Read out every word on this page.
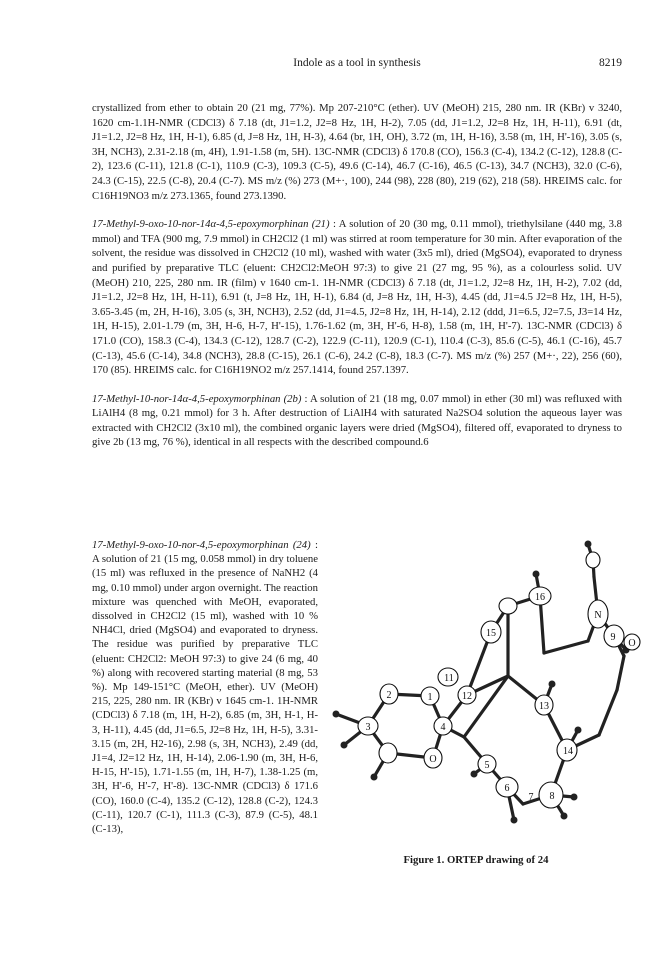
Indole as a tool in synthesis	8219

crystallized from ether to obtain 20 (21 mg, 77%). Mp 207-210°C (ether). UV (MeOH) 215, 280 nm. IR (KBr) v 3240, 1620 cm-1.1H-NMR (CDCl3) δ 7.18 (dt, J1=1.2, J2=8 Hz, 1H, H-2), 7.05 (dd, J1=1.2, J2=8 Hz, 1H, H-11), 6.91 (dt, J1=1.2, J2=8 Hz, 1H, H-1), 6.85 (d, J=8 Hz, 1H, H-3), 4.64 (br, 1H, OH), 3.72 (m, 1H, H-16), 3.58 (m, 1H, H'-16), 3.05 (s, 3H, NCH3), 2.31-2.18 (m, 4H), 1.91-1.58 (m, 5H). 13C-NMR (CDCl3) δ 170.8 (CO), 156.3 (C-4), 134.2 (C-12), 128.8 (C-2), 123.6 (C-11), 121.8 (C-1), 110.9 (C-3), 109.3 (C-5), 49.6 (C-14), 46.7 (C-16), 46.5 (C-13), 34.7 (NCH3), 32.0 (C-6), 24.3 (C-15), 22.5 (C-8), 20.4 (C-7). MS m/z (%) 273 (M+·, 100), 244 (98), 228 (80), 219 (62), 218 (58). HREIMS calc. for C16H19NO3 m/z 273.1365, found 273.1390.

17-Methyl-9-oxo-10-nor-14α-4,5-epoxymorphinan (21) : A solution of 20 (30 mg, 0.11 mmol), triethylsilane (440 mg, 3.8 mmol) and TFA (900 mg, 7.9 mmol) in CH2Cl2 (1 ml) was stirred at room temperature for 30 min. After evaporation of the solvent, the residue was dissolved in CH2Cl2 (10 ml), washed with water (3x5 ml), dried (MgSO4), evaporated to dryness and purified by preparative TLC (eluent: CH2Cl2:MeOH 97:3) to give 21 (27 mg, 95 %), as a colourless solid. UV (MeOH) 210, 225, 280 nm. IR (film) v 1640 cm-1. 1H-NMR (CDCl3) δ 7.18 (dt, J1=1.2, J2=8 Hz, 1H, H-2), 7.02 (dd, J1=1.2, J2=8 Hz, 1H, H-11), 6.91 (t, J=8 Hz, 1H, H-1), 6.84 (d, J=8 Hz, 1H, H-3), 4.45 (dd, J1=4.5 J2=8 Hz, 1H, H-5), 3.65-3.45 (m, 2H, H-16), 3.05 (s, 3H, NCH3), 2.52 (dd, J1=4.5, J2=8 Hz, 1H, H-14), 2.12 (ddd, J1=6.5, J2=7.5, J3=14 Hz, 1H, H-15), 2.01-1.79 (m, 3H, H-6, H-7, H'-15), 1.76-1.62 (m, 3H, H'-6, H-8), 1.58 (m, 1H, H'-7). 13C-NMR (CDCl3) δ 171.0 (CO), 158.3 (C-4), 134.3 (C-12), 128.7 (C-2), 122.9 (C-11), 120.9 (C-1), 110.4 (C-3), 85.6 (C-5), 46.1 (C-16), 45.7 (C-13), 45.6 (C-14), 34.8 (NCH3), 28.8 (C-15), 26.1 (C-6), 24.2 (C-8), 18.3 (C-7). MS m/z (%) 257 (M+·, 22), 256 (60), 170 (85). HREIMS calc. for C16H19NO2 m/z 257.1414, found 257.1397.

17-Methyl-10-nor-14α-4,5-epoxymorphinan (2b) : A solution of 21 (18 mg, 0.07 mmol) in ether (30 ml) was refluxed with LiAlH4 (8 mg, 0.21 mmol) for 3 h. After destruction of LiAlH4 with saturated Na2SO4 solution the aqueous layer was extracted with CH2Cl2 (3x10 ml), the combined organic layers were dried (MgSO4), filtered off, evaporated to dryness to give 2b (13 mg, 76 %), identical in all respects with the described compound.6

17-Methyl-9-oxo-10-nor-4,5-epoxymorphinan (24) : A solution of 21 (15 mg, 0.058 mmol) in dry toluene (15 ml) was refluxed in the presence of NaNH2 (4 mg, 0.10 mmol) under argon overnight. The reaction mixture was quenched with MeOH, evaporated, dissolved in CH2Cl2 (15 ml), washed with 10 % NH4Cl, dried (MgSO4) and evaporated to dryness. The residue was purified by preparative TLC (eluent: CH2Cl2: MeOH 97:3) to give 24 (6 mg, 40 %) along with recovered starting material (8 mg, 53 %). Mp 149-151°C (MeOH, ether). UV (MeOH) 215, 225, 280 nm. IR (KBr) v 1645 cm-1. 1H-NMR (CDCl3) δ 7.18 (m, 1H, H-2), 6.85 (m, 3H, H-1, H-3, H-11), 4.45 (dd, J1=6.5, J2=8 Hz, 1H, H-5), 3.31-3.15 (m, 2H, H2-16), 2.98 (s, 3H, NCH3), 2.49 (dd, J1=4, J2=12 Hz, 1H, H-14), 2.06-1.90 (m, 3H, H-6, H-15, H'-15), 1.71-1.55 (m, 1H, H-7), 1.38-1.25 (m, 3H, H'-6, H'-7, H'-8). 13C-NMR (CDCl3) δ 171.6 (CO), 160.0 (C-4), 135.2 (C-12), 128.8 (C-2), 124.3 (C-11), 120.7 (C-1), 111.3 (C-3), 87.9 (C-5), 48.1 (C-13),

16
N
15
1
11
9
O
2	12
13
3	4
14
O
5
8
6
7
Figure 1. ORTEP drawing of 24
